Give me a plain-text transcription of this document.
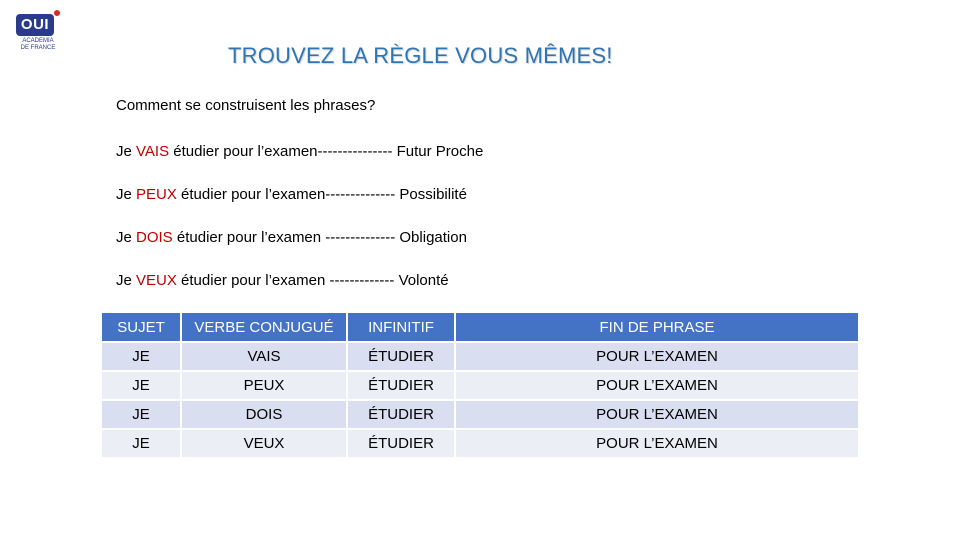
OUI
ACADEMIA
DE FRANCE	TROUVEZ LA RÈGLE VOUS MÊMES!
Comment se construisent les phrases?
Je VAIS étudier pour l’examen--------------- Futur Proche
Je PEUX étudier pour l’examen-------------- Possibilité
Je DOIS étudier pour l’examen -------------- Obligation
Je VEUX étudier pour l’examen ------------- Volonté
SUJET	VERBE CONJUGUÉ	INFINITIF	FIN DE PHRASE
JE	VAIS	ÉTUDIER	POUR L’EXAMEN
JE	PEUX	ÉTUDIER	POUR L’EXAMEN
JE	DOIS	ÉTUDIER	POUR L’EXAMEN
JE	VEUX	ÉTUDIER	POUR L’EXAMEN
